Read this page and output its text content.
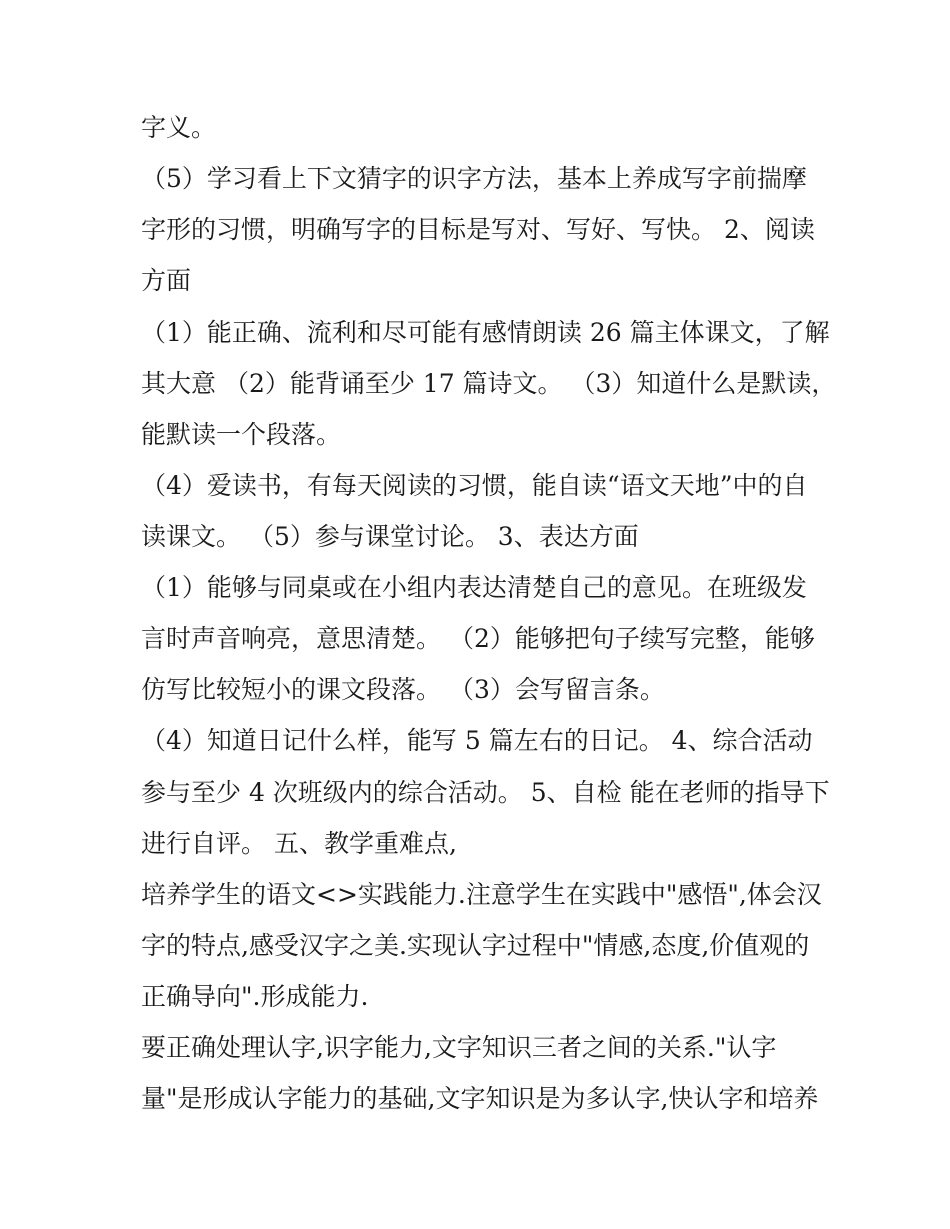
字义。
（5）学习看上下文猜字的识字方法，基本上养成写字前揣摩
字形的习惯，明确写字的目标是写对、写好、写快。 2、阅读
方面
（1）能正确、流利和尽可能有感情朗读 26 篇主体课文，了解
其大意 （2）能背诵至少 17 篇诗文。 （3）知道什么是默读，
能默读一个段落。
（4）爱读书，有每天阅读的习惯，能自读“语文天地”中的自
读课文。 （5）参与课堂讨论。 3、表达方面
（1）能够与同桌或在小组内表达清楚自己的意见。在班级发
言时声音响亮，意思清楚。 （2）能够把句子续写完整，能够
仿写比较短小的课文段落。 （3）会写留言条。
（4）知道日记什么样，能写 5 篇左右的日记。 4、综合活动
参与至少 4 次班级内的综合活动。 5、自检 能在老师的指导下
进行自评。 五、教学重难点,
培养学生的语文<>实践能力.注意学生在实践中"感悟",体会汉
字的特点,感受汉字之美.实现认字过程中"情感,态度,价值观的
正确导向".形成能力.
要正确处理认字,识字能力,文字知识三者之间的关系."认字
量"是形成认字能力的基础,文字知识是为多认字,快认字和培养
